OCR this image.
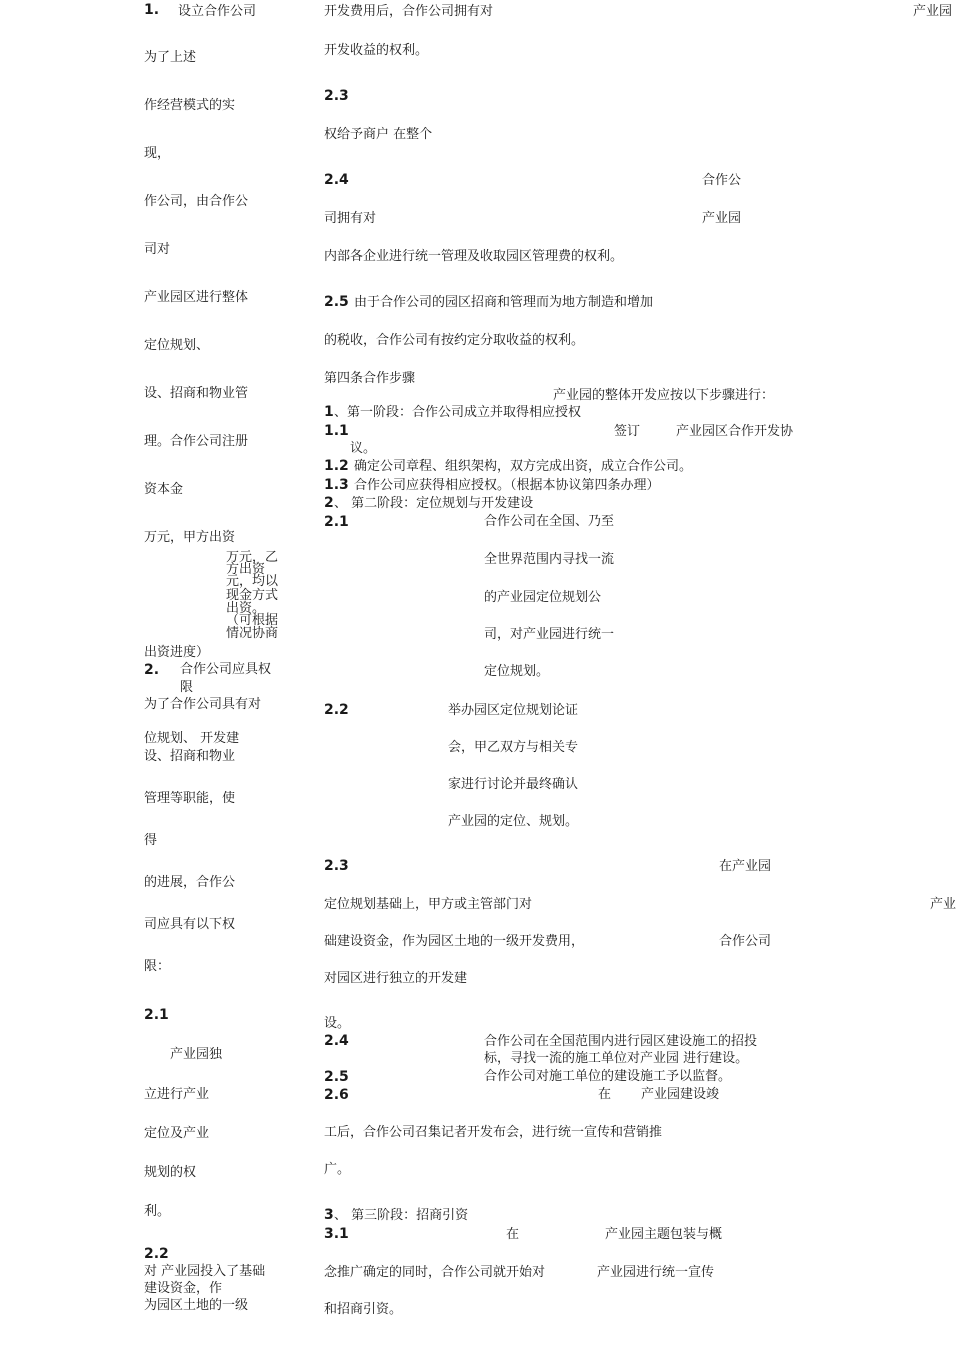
1. 设立合作公司
为了上述
作经营模式的实
现，
作公司，由合作公
司对
产业园区进行整体
定位规划、
设、招商和物业管
理。合作公司注册
资本金
万元，甲方出资
万元，乙
方出资
元，均以
现金方式
出资。
（可根据
情况协商
出资进度）
2. 合作公司应具权
限
为了合作公司具有对
位规划、 开发建
设、招商和物业
管理等职能，使
得
的进展，合作公
司应具有以下权
限：
2.1
产业园独
立进行产业
定位及产业
规划的权
利。
2.2
对 产业园投入了基础
建设资金，作
为园区土地的一级
开发费用后，合作公司拥有对	产业园
开发收益的权利。
2.3
权给予商户 在整个
2.4	合作公
司拥有对	产业园
内部各企业进行统一管理及收取园区管理费的权利。
2.5 由于合作公司的园区招商和管理而为地方制造和增加
的税收，合作公司有按约定分取收益的权利。
第四条合作步骤
产业园的整体开发应按以下步骤进行：
1 、第一阶段：合作公司成立并取得相应授权
1.1	签订	产业园区合作开发协
议。
1.2 确定公司章程、组织架构，双方完成出资，成立合作公司。
1.3 合作公司应获得相应授权。（根据本协议第四条办理）
2 、 第二阶段：定位规划与开发建设
2.1	合作公司在全国、乃至
全世界范围内寻找一流
的产业园定位规划公
司，对产业园进行统一
定位规划。
2.2	举办园区定位规划论证
会，甲乙双方与相关专
家进行讨论并最终确认
产业园的定位、规划。
2.3	在产业园
定位规划基础上，甲方或主管部门对	产业
础建设资金，作为园区土地的一级开发费用，	合作公司
对园区进行独立的开发建
设。
2.4	合作公司在全国范围内进行园区建设施工的招投
标，寻找一流的施工单位对产业园 进行建设。
2.5	合作公司对施工单位的建设施工予以监督。
2.6	在 产业园建设竣
工后，合作公司召集记者开发布会，进行统一宣传和营销推
广。
3 、 第三阶段：招商引资
3.1	在	产业园主题包装与概
念推广确定的同时，合作公司就开始对	产业园进行统一宣传
和招商引资。
